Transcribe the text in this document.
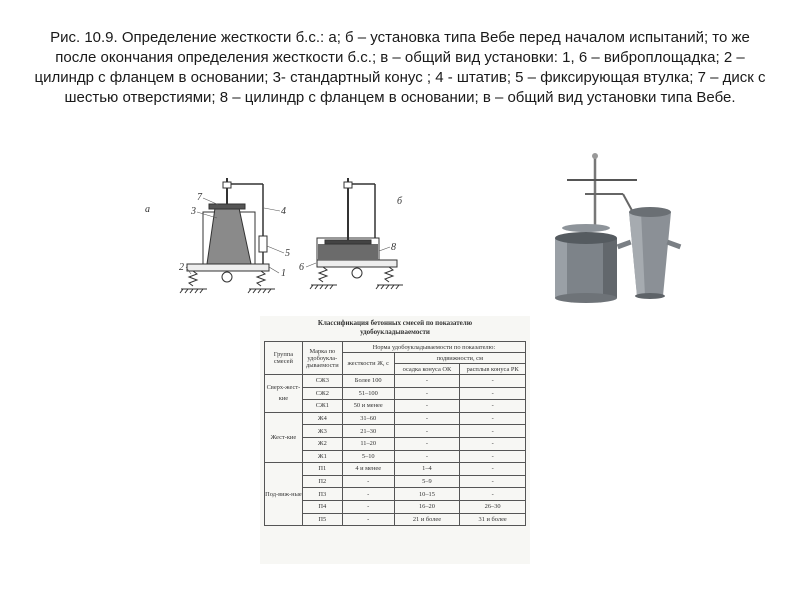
Рис. 10.9. Определение жесткости б.с.: а; б – установка типа Вебе перед началом испытаний; то же после окончания определения жесткости б.с.; в – общий вид установки: 1, 6 – виброплощадка; 2 – цилиндр с фланцем в основании; 3- стандартный конус ; 4 - штатив; 5 – фиксирующая втулка; 7 – диск с шестью отверстиями; 8 – цилиндр с фланцем в основании; в – общий вид установки типа Вебе.
а
7
3	4
5
2
1
б
8
6
Классификация бетонных смесей по показателю
удобоукладываемости
Группа смесей	Марка по удобоукла-дываемости	Норма удобоукладываемости по показателю:		
		жесткости Ж, с	подвижности, см	
			осадка конуса ОК	расплыв конуса РК
Сверх-жест-кие	СЖ3	Более 100	-	-
	СЖ2	51–100	-	-
	СЖ1	50 и менее	-	-
Жест-кие	Ж4	31–60	-	-
	Ж3	21–30	-	-
	Ж2	11–20	-	-
	Ж1	5–10	-	-
Под-виж-ные	П1	4 и менее	1–4	-
	П2	-	5–9	-
	П3	-	10–15	-
	П4	-	16–20	26–30
	П5	-	21 и более	31 и более
